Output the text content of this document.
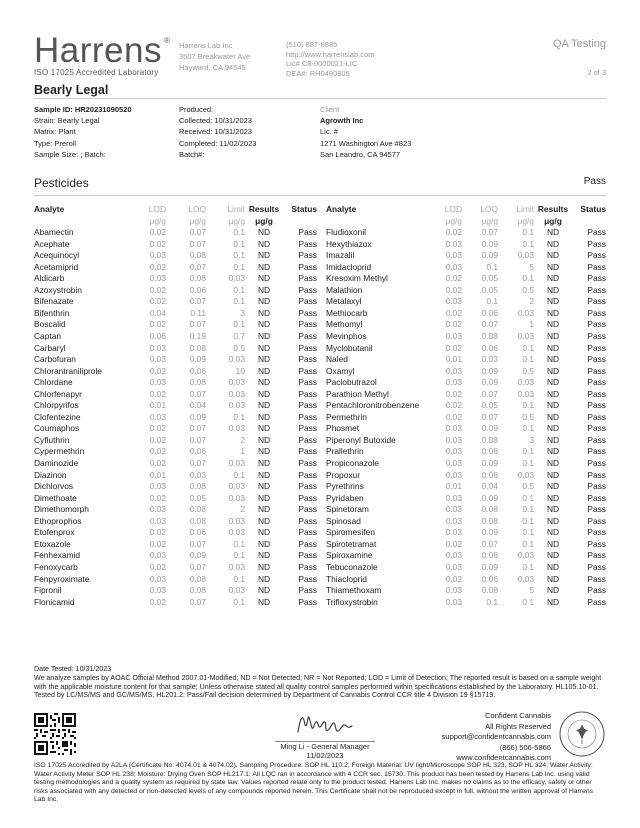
Harrens ®
ISO 17025 Accredited Laboratory
Harrens Lab Inc
3507 Breakwater Ave
Hayward, CA 94545
(510) 887-8885
http://www.harrenslab.com
Lic# C8-0000021-LIC
DEA#: RH0490805
QA Testing
2 of 3
Bearly Legal
Sample ID: HR20231090520
Strain: Bearly Legal
Matrix: Plant
Type: Preroll
Sample Size: ; Batch:
Produced:
Collected: 10/31/2023
Received: 10/31/2023
Completed: 11/02/2023
Batch#:
Client
Agrowth Inc
Lic. #
1271 Washington Ave #823
San Leandro, CA 94577
Pesticides	Pass
Analyte	LOD	LOQ	Limit	Results	Status
	μg/g	μg/g	μg/g	μg/g	
Abamectin	0.02	0.07	0.1	ND	Pass
Acephate	0.02	0.07	0.1	ND	Pass
Acequinocyl	0.03	0.08	0.1	ND	Pass
Acetamiprid	0.02	0.07	0.1	ND	Pass
Aldicarb	0.03	0.08	0.03	ND	Pass
Azoxystrobin	0.02	0.06	0.1	ND	Pass
Bifenazate	0.02	0.07	0.1	ND	Pass
Bifenthrin	0.04	0.11	3	ND	Pass
Boscalid	0.02	0.07	0.1	ND	Pass
Captan	0.06	0.19	0.7	ND	Pass
Carbaryl	0.03	0.08	0.5	ND	Pass
Carbofuran	0.03	0.09	0.03	ND	Pass
Chlorantraniliprole	0.02	0.06	10	ND	Pass
Chlordane	0.03	0.08	0.03	ND	Pass
Chlorfenapyr	0.02	0.07	0.03	ND	Pass
Chlorpyrifos	0.01	0.04	0.03	ND	Pass
Clofentezine	0.03	0.09	0.1	ND	Pass
Coumaphos	0.02	0.07	0.03	ND	Pass
Cyfluthrin	0.02	0.07	2	ND	Pass
Cypermethrin	0.02	0.06	1	ND	Pass
Daminozide	0.02	0.07	0.03	ND	Pass
Diazinon	0.01	0.03	0.1	ND	Pass
Dichlorvos	0.03	0.08	0.03	ND	Pass
Dimethoate	0.02	0.05	0.03	ND	Pass
Dimethomorph	0.03	0.08	2	ND	Pass
Ethoprophos	0.03	0.08	0.03	ND	Pass
Etofenprox	0.02	0.06	0.03	ND	Pass
Etoxazole	0.02	0.07	0.1	ND	Pass
Fenhexamid	0.03	0.09	0.1	ND	Pass
Fenoxycarb	0.02	0.07	0.03	ND	Pass
Fenpyroximate	0.03	0.08	0.1	ND	Pass
Fipronil	0.03	0.08	0.03	ND	Pass
Flonicamid	0.02	0.07	0.1	ND	Pass
Analyte	LOD	LOQ	Limit	Results	Status
	μg/g	μg/g	μg/g	μg/g	
Fludioxonil	0.02	0.07	0.1	ND	Pass
Hexythiazox	0.03	0.09	0.1	ND	Pass
Imazalil	0.03	0.09	0.03	ND	Pass
Imidacloprid	0.03	0.1	5	ND	Pass
Kresoxim Methyl	0.02	0.05	0.1	ND	Pass
Malathion	0.02	0.05	0.5	ND	Pass
Metalaxyl	0.03	0.1	2	ND	Pass
Methiocarb	0.02	0.06	0.03	ND	Pass
Methomyl	0.02	0.07	1	ND	Pass
Mevinphos	0.03	0.08	0.03	ND	Pass
Myclobutanil	0.02	0.06	0.1	ND	Pass
Naled	0.01	0.03	0.1	ND	Pass
Oxamyl	0.03	0.09	0.5	ND	Pass
Paclobutrazol	0.03	0.09	0.03	ND	Pass
Parathion Methyl	0.02	0.07	0.03	ND	Pass
Pentachloronitrobenzene	0.02	0.05	0.1	ND	Pass
Permethrin	0.02	0.07	0.5	ND	Pass
Phosmet	0.03	0.09	0.1	ND	Pass
Piperonyl Butoxide	0.03	0.08	3	ND	Pass
Prallethrin	0.03	0.08	0.1	ND	Pass
Propiconazole	0.03	0.09	0.1	ND	Pass
Propoxur	0.03	0.08	0.03	ND	Pass
Pyrethrins	0.01	0.04	0.5	ND	Pass
Pyridaben	0.03	0.09	0.1	ND	Pass
Spinetoram	0.03	0.08	0.1	ND	Pass
Spinosad	0.03	0.08	0.1	ND	Pass
Spiromesifen	0.03	0.09	0.1	ND	Pass
Spirotetramat	0.02	0.07	0.1	ND	Pass
Spiroxamine	0.03	0.08	0.03	ND	Pass
Tebuconazole	0.03	0.09	0.1	ND	Pass
Thiacloprid	0.02	0.06	0.03	ND	Pass
Thiamethoxam	0.03	0.08	5	ND	Pass
Trifloxystrobin	0.03	0.1	0.1	ND	Pass
Date Tested: 10/31/2023
We analyze samples by AOAC Official Method 2007.01-Modified; ND = Not Detected; NR = Not Reported; LOD = Limit of Detection; The reported result is based on a sample weight with the applicable moisture content for that sample; Unless otherwise stated all quality control samples performed within specifications established by the Laboratory. HL105.10-01. Tested by LC/MS/MS and GC/MS/MS, HL201.2. Pass/Fail decision determined by Department of Cannabis Control CCR title 4 Division 19 §15719.
Ming Li - General Manager
11/02/2023
Confident Cannabis
All Rights Reserved
support@confidentcannabis.com
(866) 506-5866
www.confidentcannabis.com
ISO 17025 Accredited by A2LA (Certificate No: 4074.01 & 4074.02). Sampling Procedure: SOP HL 110.2; Foreign Material: UV light/Microscope SOP HL 323, SOP HL 324; Water Activity: Water Activity Meter SOP HL 238; Moisture: Drying Oven SOP HL217.1; All LQC ran in accordance with 4 CCR sec. 15730. This product has been tested by Harrens Lab Inc. using valid testing methodologies and a quality system as required by state law. Values reported relate only to the product tested. Harrens Lab Inc. makes no claims as to the efficacy, safety or other risks associated with any detected or non-detected levels of any compounds reported herein. This Certificate shall not be reproduced except in full, without the written approval of Harrens Lab Inc.
